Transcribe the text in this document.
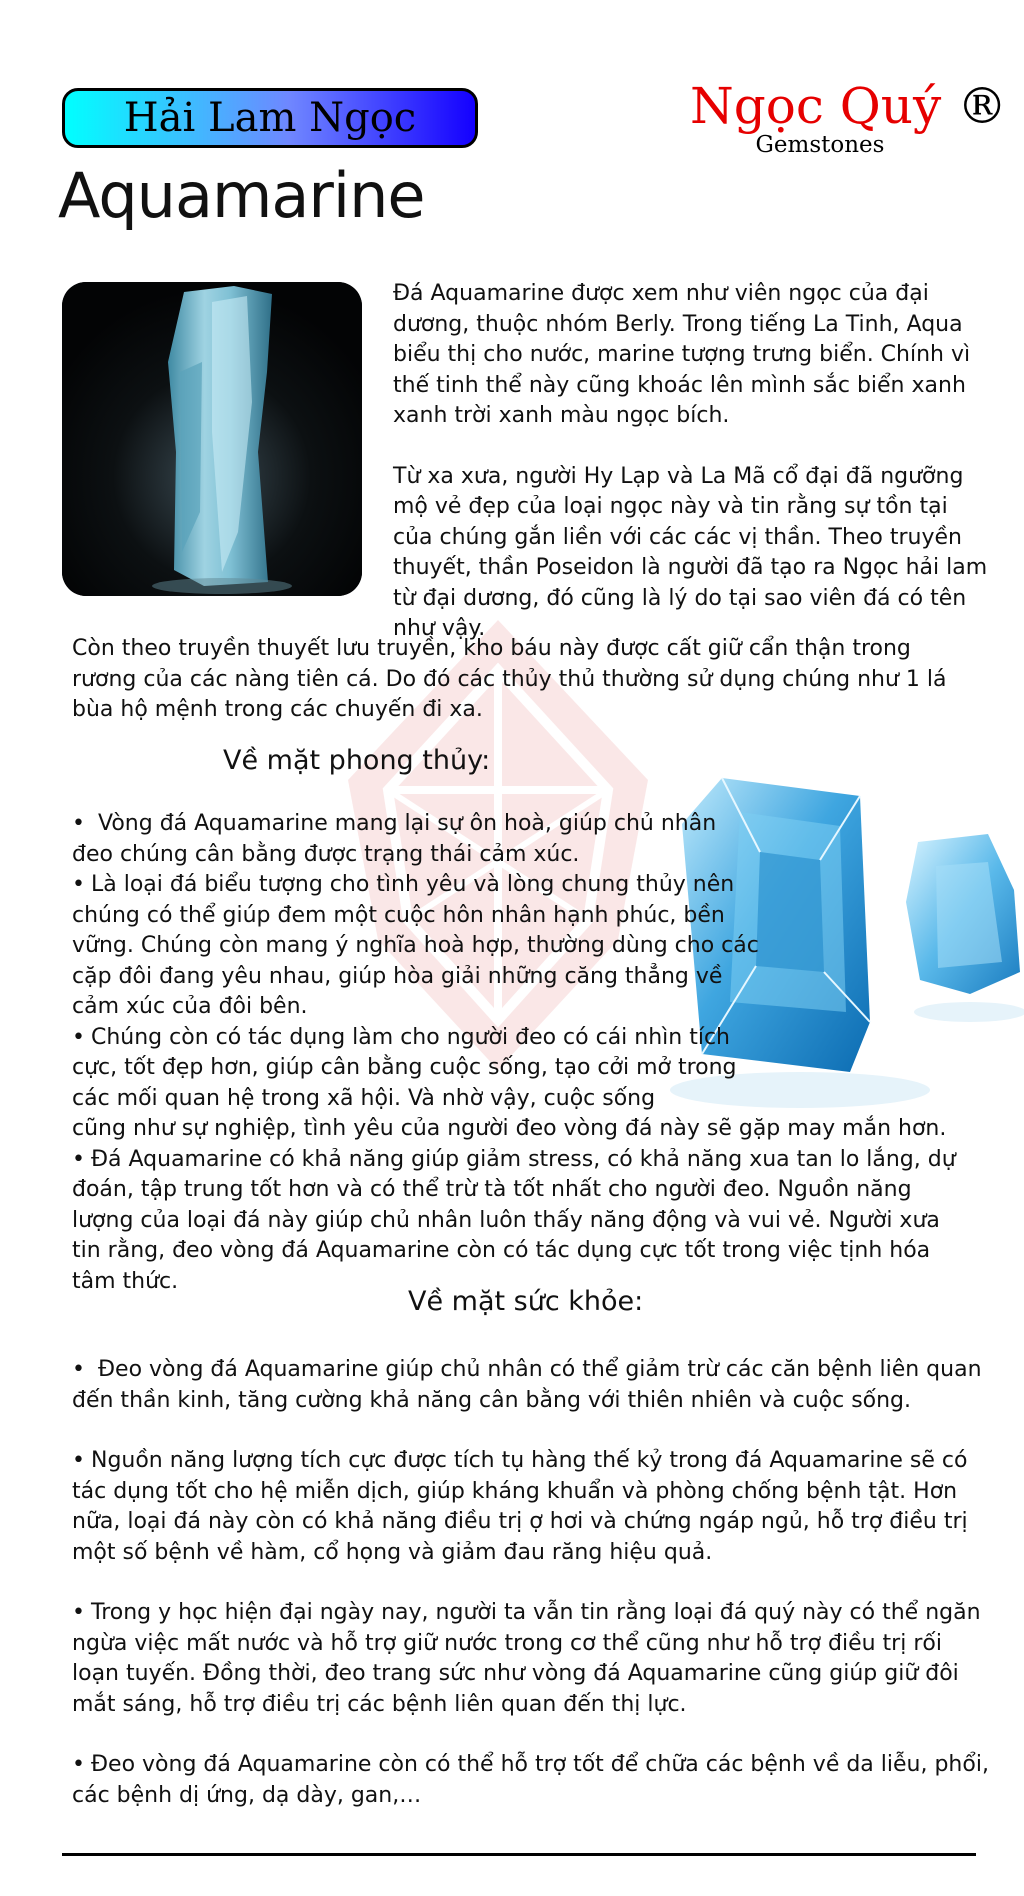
Hải Lam Ngọc	Ngọc Quý ®
Gemstones
Aquamarine

Đá Aquamarine được xem như viên ngọc của đại dương, thuộc nhóm Berly. Trong tiếng La Tinh, Aqua biểu thị cho nước, marine tượng trưng biển. Chính vì thế tinh thể này cũng khoác lên mình sắc biển xanh xanh trời xanh màu ngọc bích.

Từ xa xưa, người Hy Lạp và La Mã cổ đại đã ngưỡng mộ vẻ đẹp của loại ngọc này và tin rằng sự tồn tại của chúng gắn liền với các các vị thần. Theo truyền thuyết, thần Poseidon là người đã tạo ra Ngọc hải lam từ đại dương, đó cũng là lý do tại sao viên đá có tên như vậy.

Còn theo truyền thuyết lưu truyền, kho báu này được cất giữ cẩn thận trong rương của các nàng tiên cá. Do đó các thủy thủ thường sử dụng chúng như 1 lá bùa hộ mệnh trong các chuyến đi xa.

Về mặt phong thủy:

• Vòng đá Aquamarine mang lại sự ôn hoà, giúp chủ nhân đeo chúng cân bằng được trạng thái cảm xúc.

• Là loại đá biểu tượng cho tình yêu và lòng chung thủy nên chúng có thể giúp đem một cuộc hôn nhân hạnh phúc, bền vững. Chúng còn mang ý nghĩa hoà hợp, thường dùng cho các cặp đôi đang yêu nhau, giúp hòa giải những căng thẳng về cảm xúc của đôi bên.

• Chúng còn có tác dụng làm cho người đeo có cái nhìn tích cực, tốt đẹp hơn, giúp cân bằng cuộc sống, tạo cởi mở trong các mối quan hệ trong xã hội. Và nhờ vậy, cuộc sống

cũng như sự nghiệp, tình yêu của người đeo vòng đá này sẽ gặp may mắn hơn.

• Đá Aquamarine có khả năng giúp giảm stress, có khả năng xua tan lo lắng, dự đoán, tập trung tốt hơn và có thể trừ tà tốt nhất cho người đeo. Nguồn năng lượng của loại đá này giúp chủ nhân luôn thấy năng động và vui vẻ. Người xưa tin rằng, đeo vòng đá Aquamarine còn có tác dụng cực tốt trong việc tịnh hóa tâm thức.

Về mặt sức khỏe:

• Đeo vòng đá Aquamarine giúp chủ nhân có thể giảm trừ các căn bệnh liên quan đến thần kinh, tăng cường khả năng cân bằng với thiên nhiên và cuộc sống.

• Nguồn năng lượng tích cực được tích tụ hàng thế kỷ trong đá Aquamarine sẽ có tác dụng tốt cho hệ miễn dịch, giúp kháng khuẩn và phòng chống bệnh tật. Hơn nữa, loại đá này còn có khả năng điều trị ợ hơi và chứng ngáp ngủ, hỗ trợ điều trị một số bệnh về hàm, cổ họng và giảm đau răng hiệu quả.

• Trong y học hiện đại ngày nay, người ta vẫn tin rằng loại đá quý này có thể ngăn ngừa việc mất nước và hỗ trợ giữ nước trong cơ thể cũng như hỗ trợ điều trị rối loạn tuyến. Đồng thời, đeo trang sức như vòng đá Aquamarine cũng giúp giữ đôi mắt sáng, hỗ trợ điều trị các bệnh liên quan đến thị lực.

• Đeo vòng đá Aquamarine còn có thể hỗ trợ tốt để chữa các bệnh về da liễu, phổi, các bệnh dị ứng, dạ dày, gan,…
